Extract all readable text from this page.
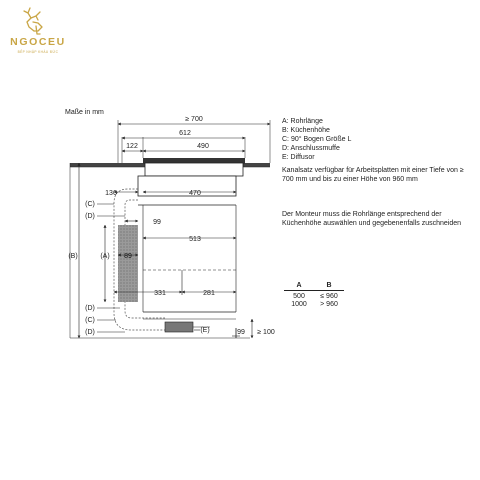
NGOCEU
BẾP NHẬP KHẨU ĐỨC
Maße in mm
≥ 700
612
122	490
136	470
99
513
89
331	281
99 ≥ 100
(C)
(D)
(A)
(B)
(D)
(C)
(D)	(E)
A: Rohrlänge
B: Küchenhöhe
C: 90° Bogen Größe L
D: Anschlussmuffe
E: Diffusor
Kanalsatz verfügbar für Arbeitsplatten mit einer Tiefe von ≥ 700 mm und bis zu einer Höhe von 960 mm
Der Monteur muss die Rohrlänge entsprechend der Küchenhöhe auswählen und gegebenenfalls zuschneiden
A	B
500	≤ 960
1000	> 960
